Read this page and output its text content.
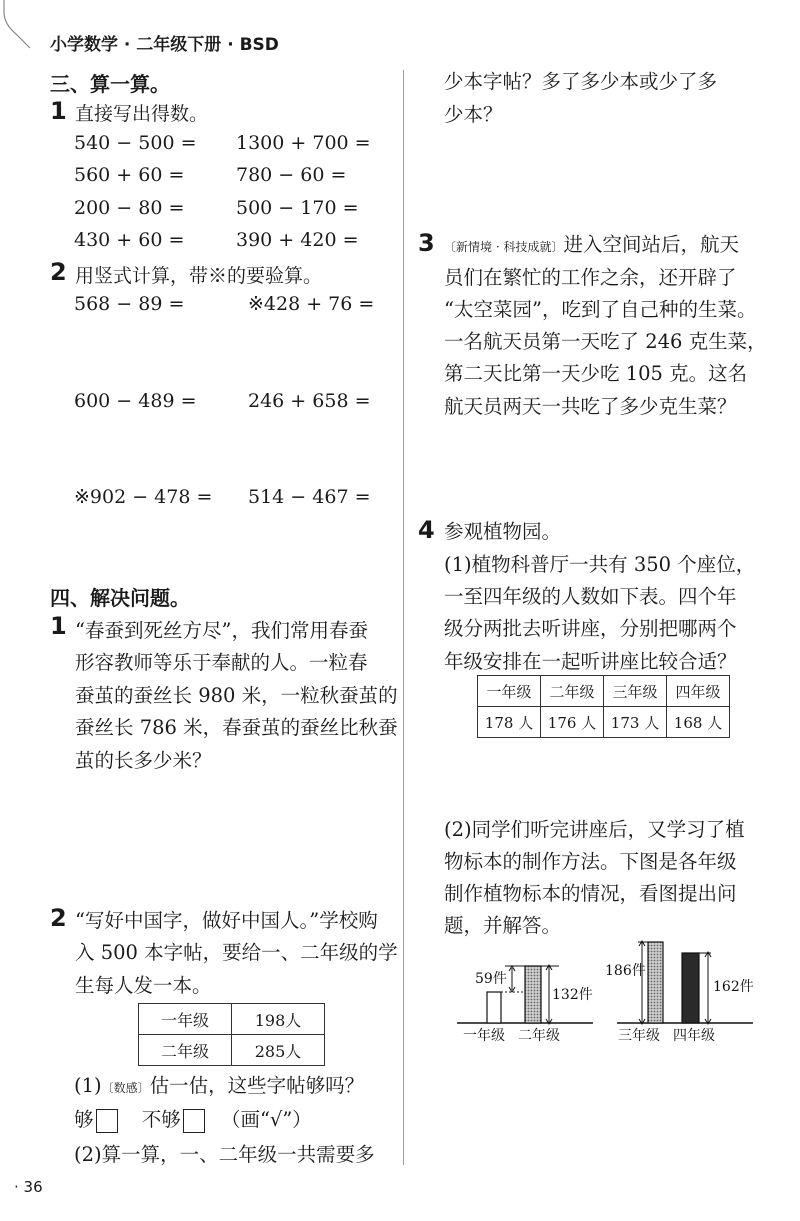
小学数学 · 二年级下册 · BSD
三、算一算。
1 直接写出得数。
540 − 500 = 1300 + 700 =
560 + 60 =	780 − 60 =
200 − 80 =	500 − 170 =
430 + 60 =	390 + 420 =
2 用竖式计算，带※的要验算。
568 − 89 =	※428 + 76 =
600 − 489 =	246 + 658 =
※902 − 478 = 514 − 467 =
四、解决问题。
1 “春蚕到死丝方尽”，我们常用春蚕
形容教师等乐于奉献的人。一粒春
蚕茧的蚕丝长 980 米，一粒秋蚕茧的
蚕丝长 786 米，春蚕茧的蚕丝比秋蚕
茧的长多少米？
2 “写好中国字，做好中国人。”学校购
入 500 本字帖，要给一、二年级的学
生每人发一本。
一年级	198人
二年级	285人
(1)〔数感〕估一估，这些字帖够吗？
够 不够 （画“√”）
(2)算一算，一、二年级一共需要多
· 36
少本字帖？多了多少本或少了多
少本？
3 〔新情境 · 科技成就〕进入空间站后，航天
员们在繁忙的工作之余，还开辟了
“太空菜园”，吃到了自己种的生菜。
一名航天员第一天吃了 246 克生菜，
第二天比第一天少吃 105 克。这名
航天员两天一共吃了多少克生菜？
4 参观植物园。
(1)植物科普厅一共有 350 个座位，
一至四年级的人数如下表。四个年
级分两批去听讲座，分别把哪两个
年级安排在一起听讲座比较合适？
一年级	二年级	三年级	四年级
178 人	176 人	173 人	168 人
(2)同学们听完讲座后，又学习了植
物标本的制作方法。下图是各年级
制作植物标本的情况，看图提出问
题，并解答。
59件
132件
186件
162件
一年级 二年级	三年级 四年级
